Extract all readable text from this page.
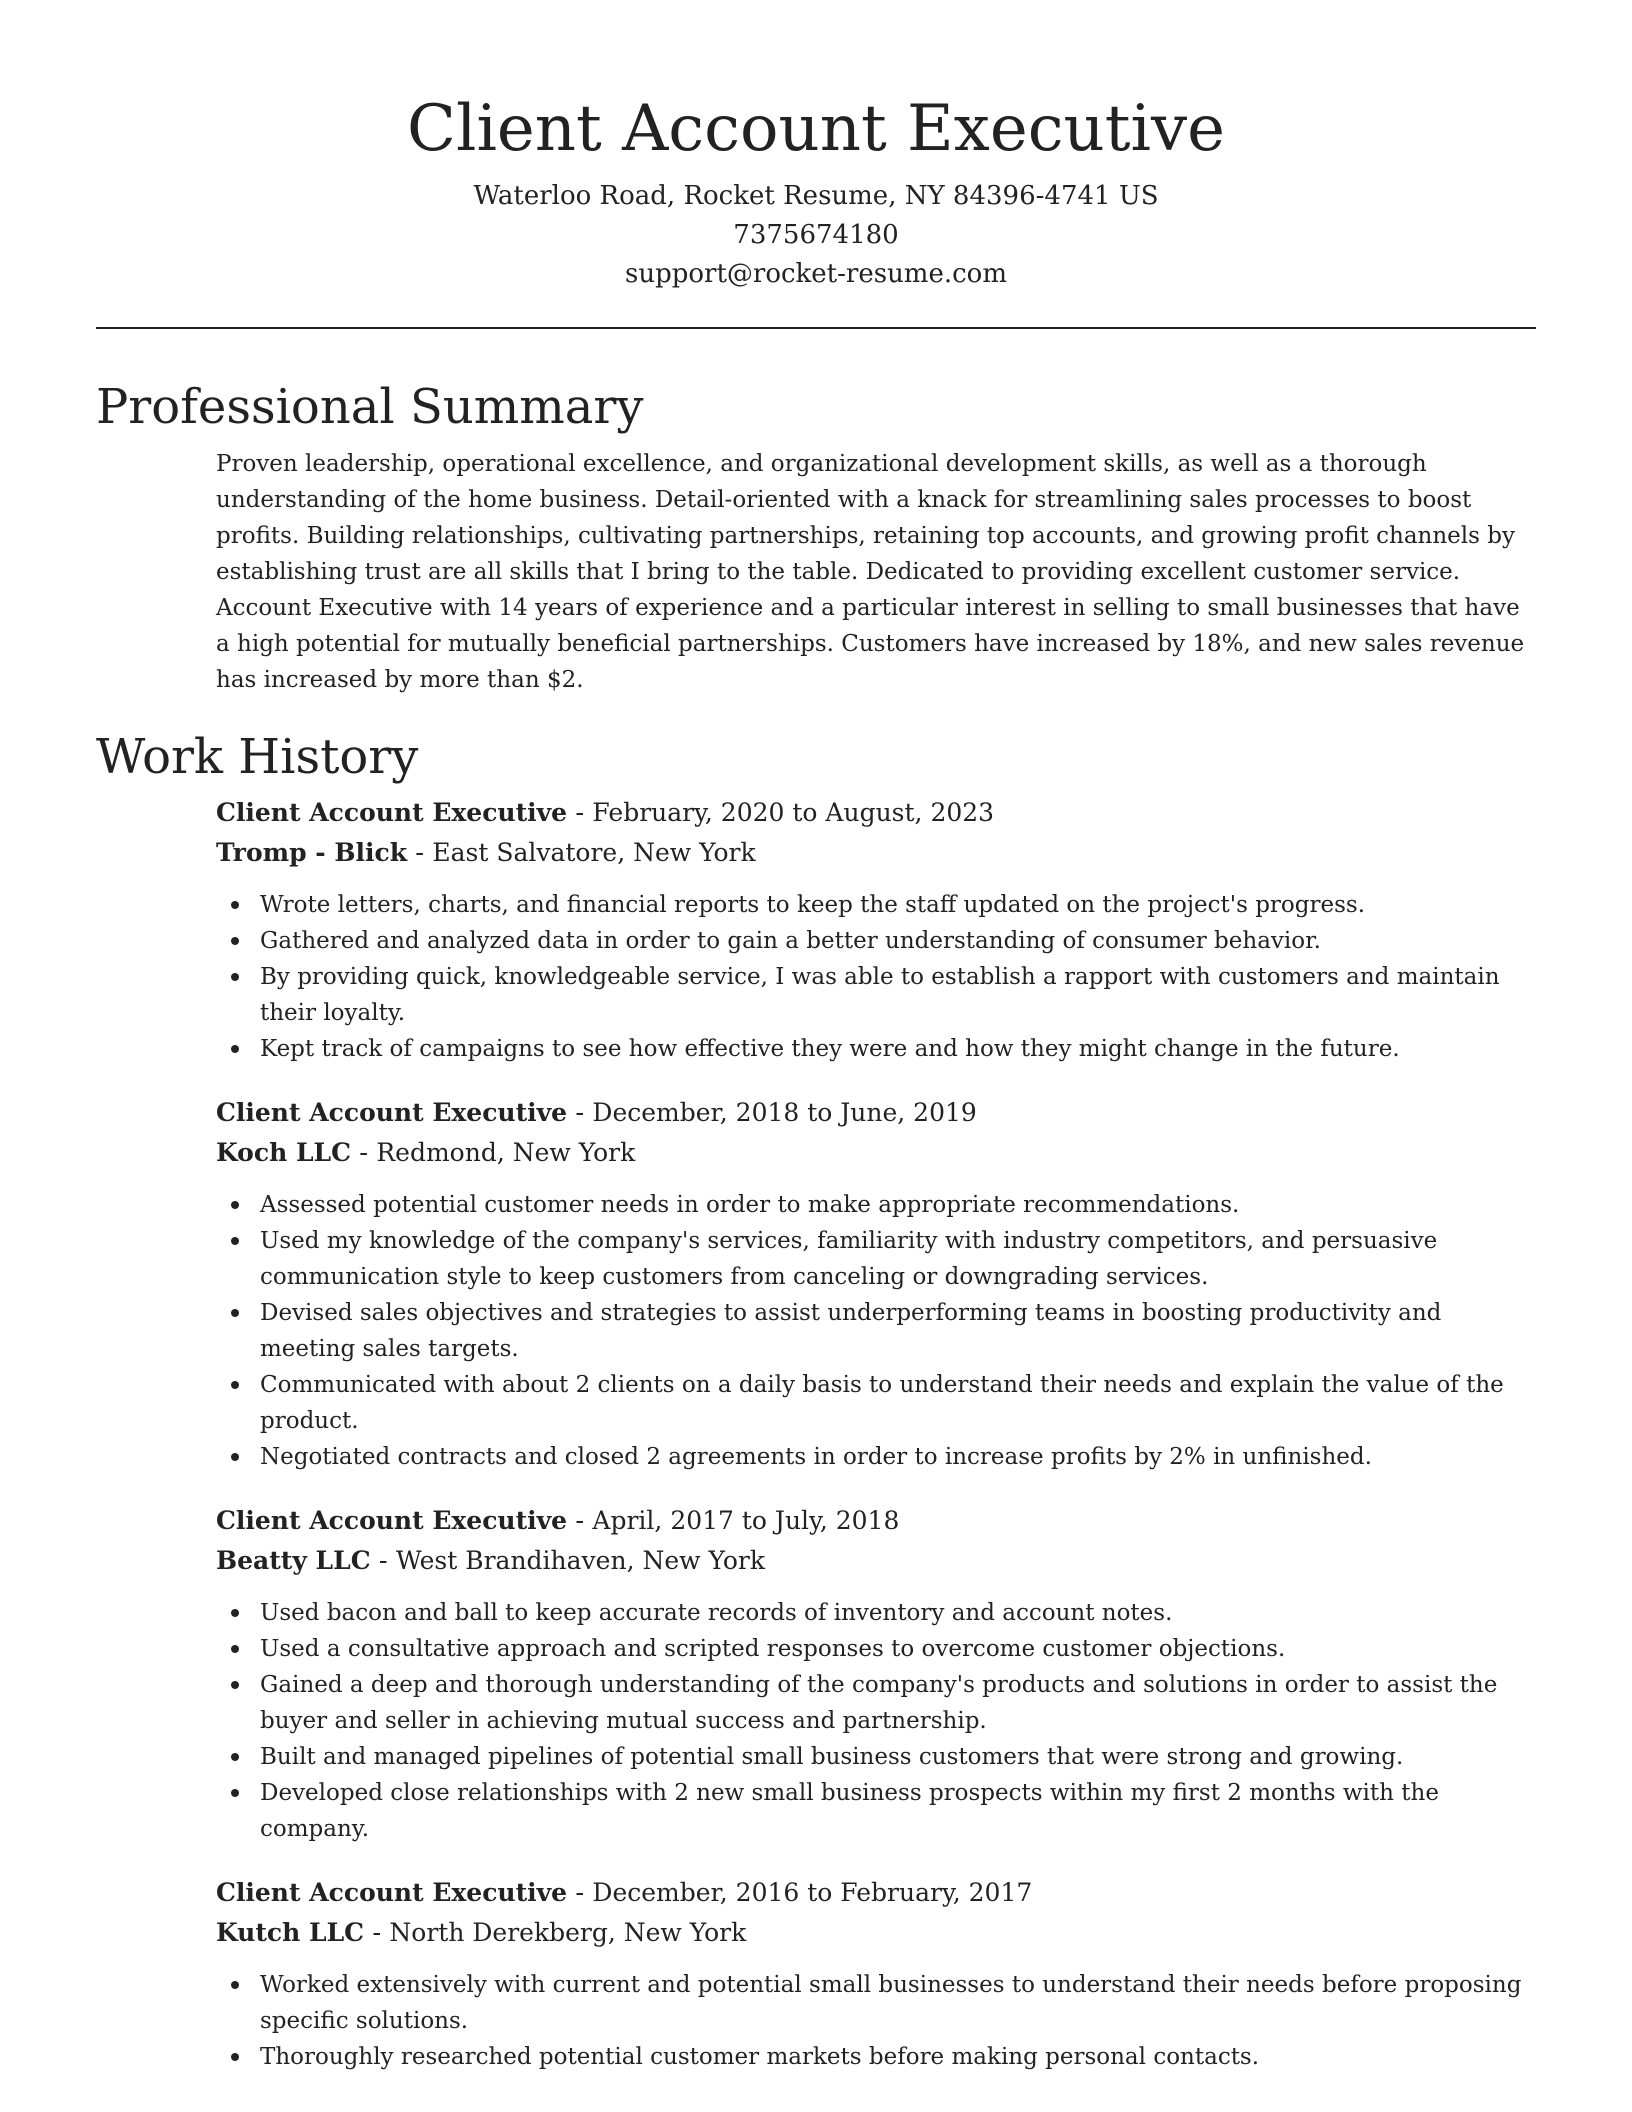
Client Account Executive

Waterloo Road, Rocket Resume, NY 84396-4741 US

7375674180

support@rocket-resume.com

Professional Summary

Proven leadership, operational excellence, and organizational development skills, as well as a thorough understanding of the home business. Detail-oriented with a knack for streamlining sales processes to boost profits. Building relationships, cultivating partnerships, retaining top accounts, and growing profit channels by establishing trust are all skills that I bring to the table. Dedicated to providing excellent customer service. Account Executive with 14 years of experience and a particular interest in selling to small businesses that have a high potential for mutually beneficial partnerships. Customers have increased by 18%, and new sales revenue has increased by more than $2.

Work History

Client Account Executive - February, 2020 to August, 2023

Tromp - Blick - East Salvatore, New York

Wrote letters, charts, and financial reports to keep the staff updated on the project's progress.
Gathered and analyzed data in order to gain a better understanding of consumer behavior.
By providing quick, knowledgeable service, I was able to establish a rapport with customers and maintain their loyalty.
Kept track of campaigns to see how effective they were and how they might change in the future.

Client Account Executive - December, 2018 to June, 2019

Koch LLC - Redmond, New York

Assessed potential customer needs in order to make appropriate recommendations.
Used my knowledge of the company's services, familiarity with industry competitors, and persuasive communication style to keep customers from canceling or downgrading services.
Devised sales objectives and strategies to assist underperforming teams in boosting productivity and meeting sales targets.
Communicated with about 2 clients on a daily basis to understand their needs and explain the value of the product.
Negotiated contracts and closed 2 agreements in order to increase profits by 2% in unfinished.

Client Account Executive - April, 2017 to July, 2018

Beatty LLC - West Brandihaven, New York

Used bacon and ball to keep accurate records of inventory and account notes.
Used a consultative approach and scripted responses to overcome customer objections.
Gained a deep and thorough understanding of the company's products and solutions in order to assist the buyer and seller in achieving mutual success and partnership.
Built and managed pipelines of potential small business customers that were strong and growing.
Developed close relationships with 2 new small business prospects within my first 2 months with the company.

Client Account Executive - December, 2016 to February, 2017

Kutch LLC - North Derekberg, New York

Worked extensively with current and potential small businesses to understand their needs before proposing specific solutions.
Thoroughly researched potential customer markets before making personal contacts.
